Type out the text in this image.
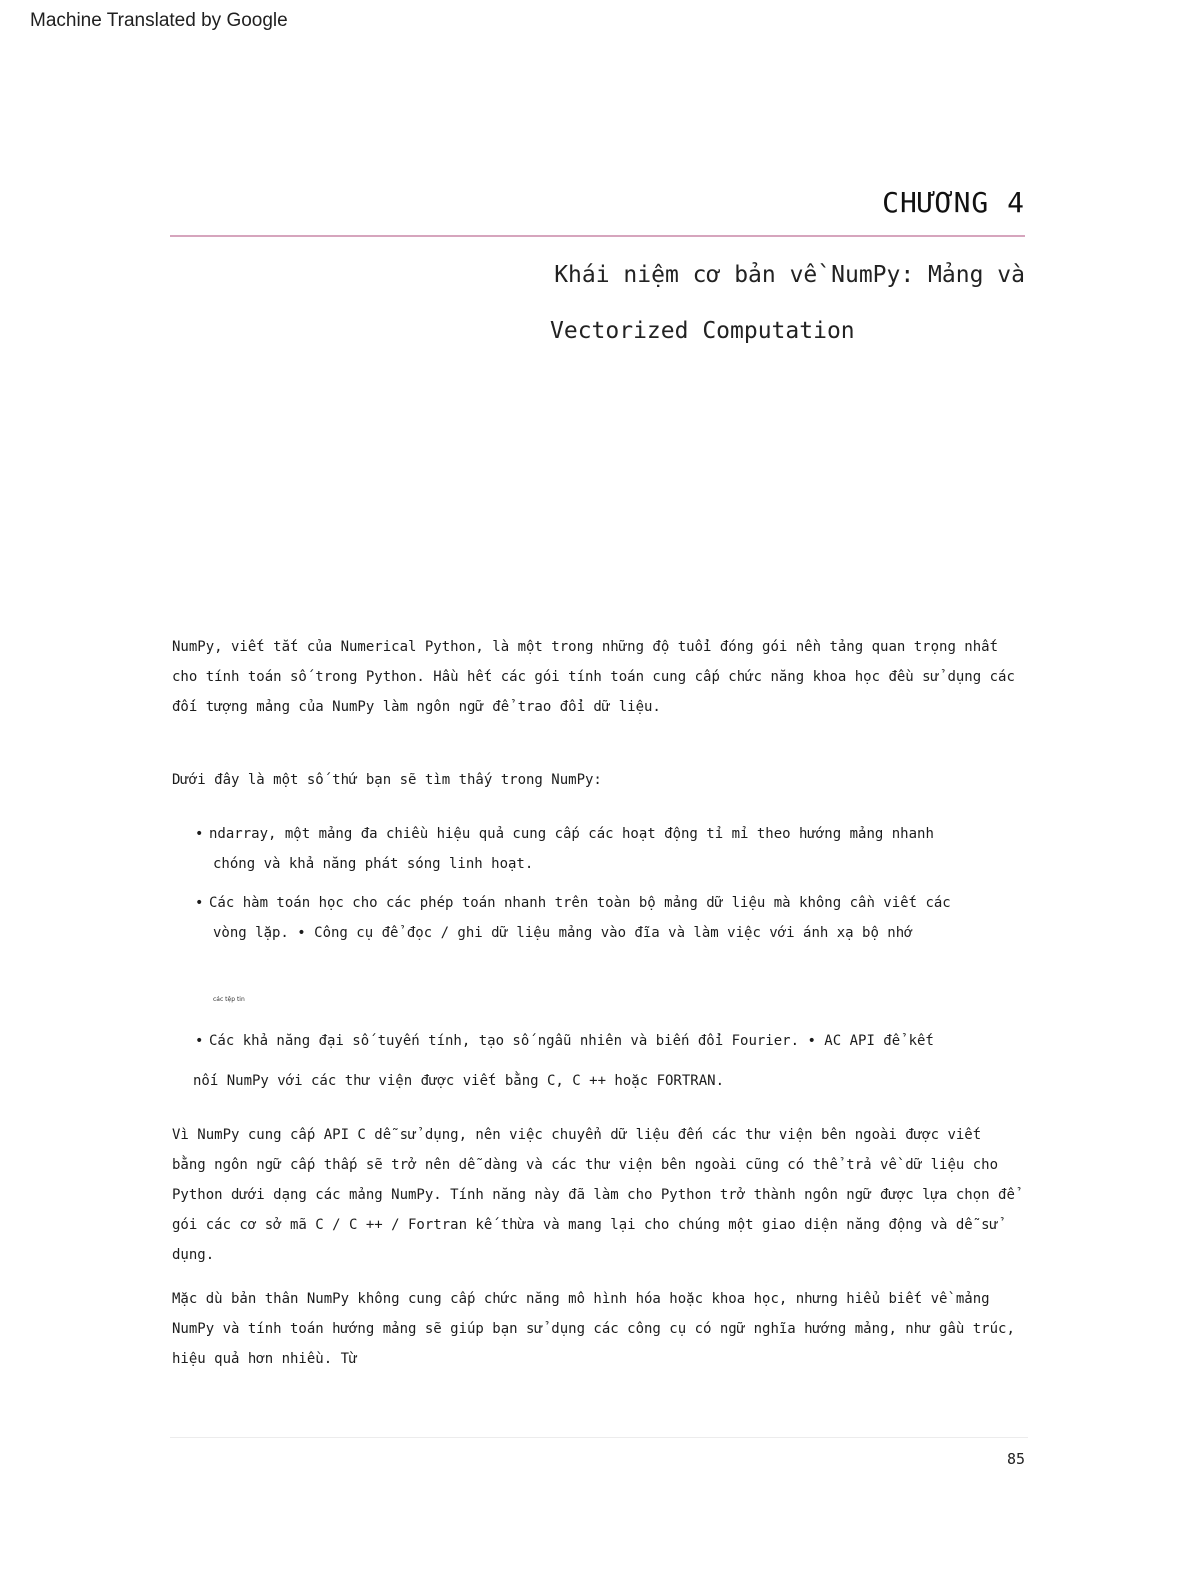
Machine Translated by Google
CHƯƠNG 4
Khái niệm cơ bản về NumPy: Mảng và
Vectorized Computation

NumPy, viết tắt của Numerical Python, là một trong những độ tuổi đóng gói nền tảng quan trọng nhất cho tính toán số trong Python. Hầu hết các gói tính toán cung cấp chức năng khoa học đều sử dụng các đối tượng mảng của NumPy làm ngôn ngữ để trao đổi dữ liệu.

Dưới đây là một số thứ bạn sẽ tìm thấy trong NumPy:

• ndarray, một mảng đa chiều hiệu quả cung cấp các hoạt động tỉ mỉ theo hướng mảng nhanh
chóng và khả năng phát sóng linh hoạt.
• Các hàm toán học cho các phép toán nhanh trên toàn bộ mảng dữ liệu mà không cần viết các
vòng lặp. • Công cụ để đọc / ghi dữ liệu mảng vào đĩa và làm việc với ánh xạ bộ nhớ
các tệp tin
• Các khả năng đại số tuyến tính, tạo số ngẫu nhiên và biến đổi Fourier. • AC API để kết
nối NumPy với các thư viện được viết bằng C, C ++ hoặc FORTRAN.

Vì NumPy cung cấp API C dễ sử dụng, nên việc chuyển dữ liệu đến các thư viện bên ngoài được viết bằng ngôn ngữ cấp thấp sẽ trở nên dễ dàng và các thư viện bên ngoài cũng có thể trả về dữ liệu cho Python dưới dạng các mảng NumPy. Tính năng này đã làm cho Python trở thành ngôn ngữ được lựa chọn để gói các cơ sở mã C / C ++ / Fortran kế thừa và mang lại cho chúng một giao diện năng động và dễ sử dụng.

Mặc dù bản thân NumPy không cung cấp chức năng mô hình hóa hoặc khoa học, nhưng hiểu biết về mảng NumPy và tính toán hướng mảng sẽ giúp bạn sử dụng các công cụ có ngữ nghĩa hướng mảng, như gầu trúc, hiệu quả hơn nhiều. Từ

85
